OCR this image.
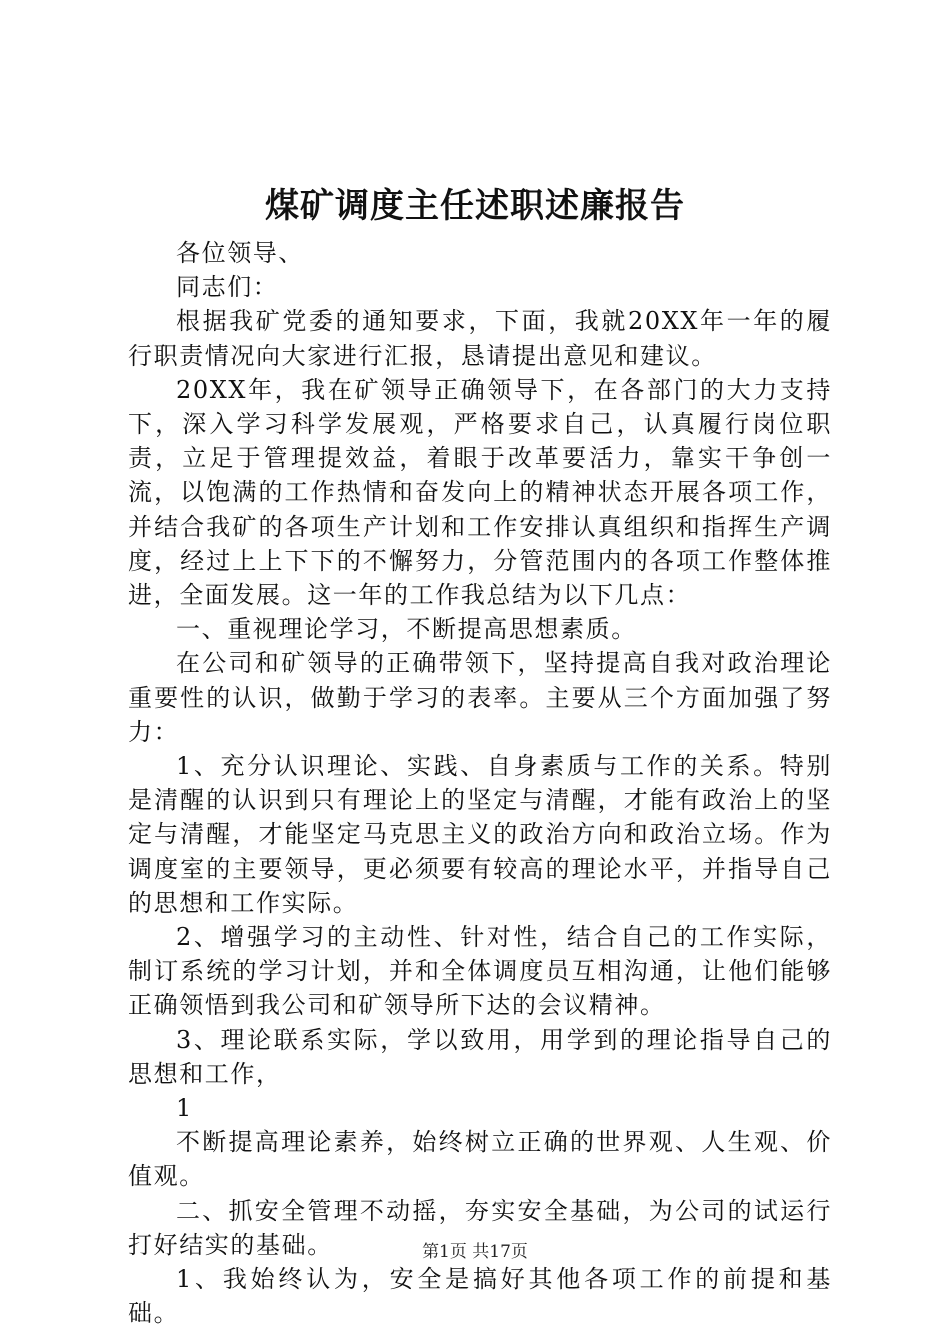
煤矿调度主任述职述廉报告

各位领导、

同志们：

根据我矿党委的通知要求，下面，我就20XX年一年的履行职责情况向大家进行汇报，恳请提出意见和建议。

20XX年，我在矿领导正确领导下，在各部门的大力支持下，深入学习科学发展观，严格要求自己，认真履行岗位职责，立足于管理提效益，着眼于改革要活力，靠实干争创一流，以饱满的工作热情和奋发向上的精神状态开展各项工作，并结合我矿的各项生产计划和工作安排认真组织和指挥生产调度，经过上上下下的不懈努力，分管范围内的各项工作整体推进，全面发展。这一年的工作我总结为以下几点：

一、重视理论学习，不断提高思想素质。

在公司和矿领导的正确带领下，坚持提高自我对政治理论重要性的认识，做勤于学习的表率。主要从三个方面加强了努力：

1、充分认识理论、实践、自身素质与工作的关系。特别是清醒的认识到只有理论上的坚定与清醒，才能有政治上的坚定与清醒，才能坚定马克思主义的政治方向和政治立场。作为调度室的主要领导，更必须要有较高的理论水平，并指导自己的思想和工作实际。

2、增强学习的主动性、针对性，结合自己的工作实际，制订系统的学习计划，并和全体调度员互相沟通，让他们能够正确领悟到我公司和矿领导所下达的会议精神。

3、理论联系实际，学以致用，用学到的理论指导自己的思想和工作，

1

不断提高理论素养，始终树立正确的世界观、人生观、价值观。

二、抓安全管理不动摇，夯实安全基础，为公司的试运行打好结实的基础。

1、我始终认为，安全是搞好其他各项工作的前提和基础。

第1页 共17页
